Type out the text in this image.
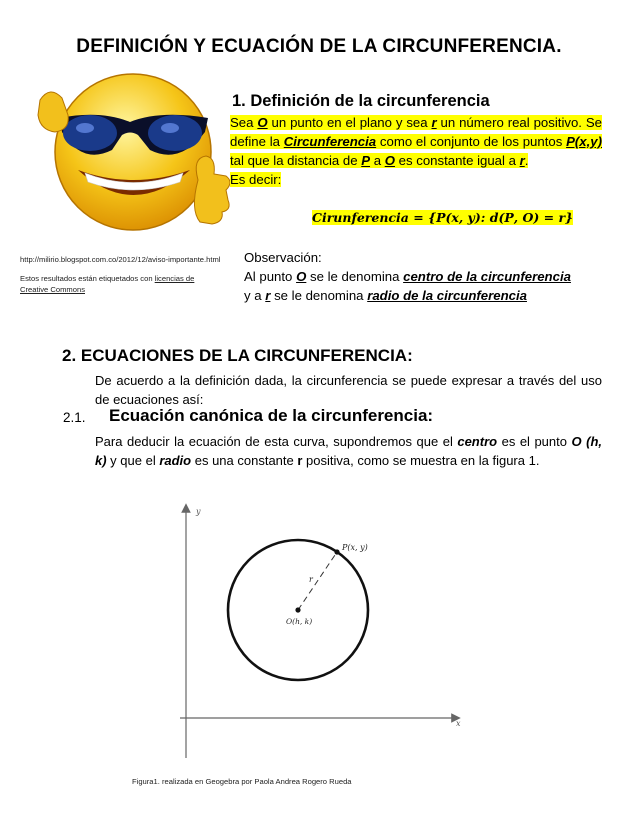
DEFINICIÓN Y ECUACIÓN DE LA CIRCUNFERENCIA.
1. Definición de la circunferencia

Sea O un punto en el plano y sea r un número real positivo. Se define la Circunferencia como el conjunto de los puntos P(x,y) tal que la distancia de P a O es constante igual a r.

Es decir:

𝑪𝒊𝒓𝒖𝒏𝒇𝒆𝒓𝒆𝒏𝒄𝒊𝒂 = {𝑷(𝒙, 𝒚): 𝒅(𝑷, 𝑶) = 𝒓}
http://milirio.blogspot.com.co/2012/12/aviso-importante.html
Estos resultados están etiquetados con licencias de Creative Commons

Observación:

Al punto O se le denomina centro de la circunferencia

y a r se le denomina radio de la circunferencia

2. ECUACIONES DE LA CIRCUNFERENCIA:
De acuerdo a la definición dada, la circunferencia se puede expresar a través del uso de ecuaciones así:
2.1. Ecuación canónica de la circunferencia:

Para deducir la ecuación de esta curva, supondremos que el centro es el punto O (h, k) y que el radio es una constante r positiva, como se muestra en la figura 1.

y
x
P(x, y)
r
O(h, k)
Figura1. realizada en Geogebra por Paola Andrea Rogero Rueda
